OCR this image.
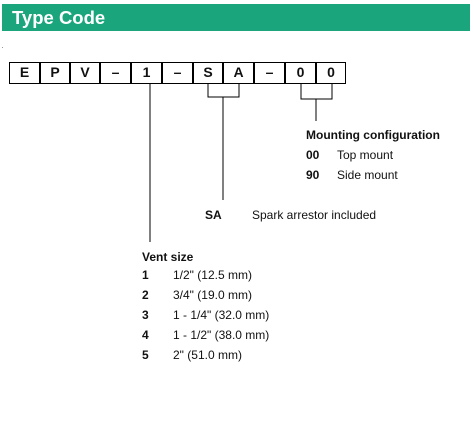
Type Code
E	P	V	–	1	–	S	A	–	0	0
Mounting configuration
00 Top mount
90 Side mount
SA	Spark arrestor included
Vent size
1 1/2" (12.5 mm)
2 3/4" (19.0 mm)
3 1 - 1/4" (32.0 mm)
4 1 - 1/2" (38.0 mm)
5 2" (51.0 mm)
